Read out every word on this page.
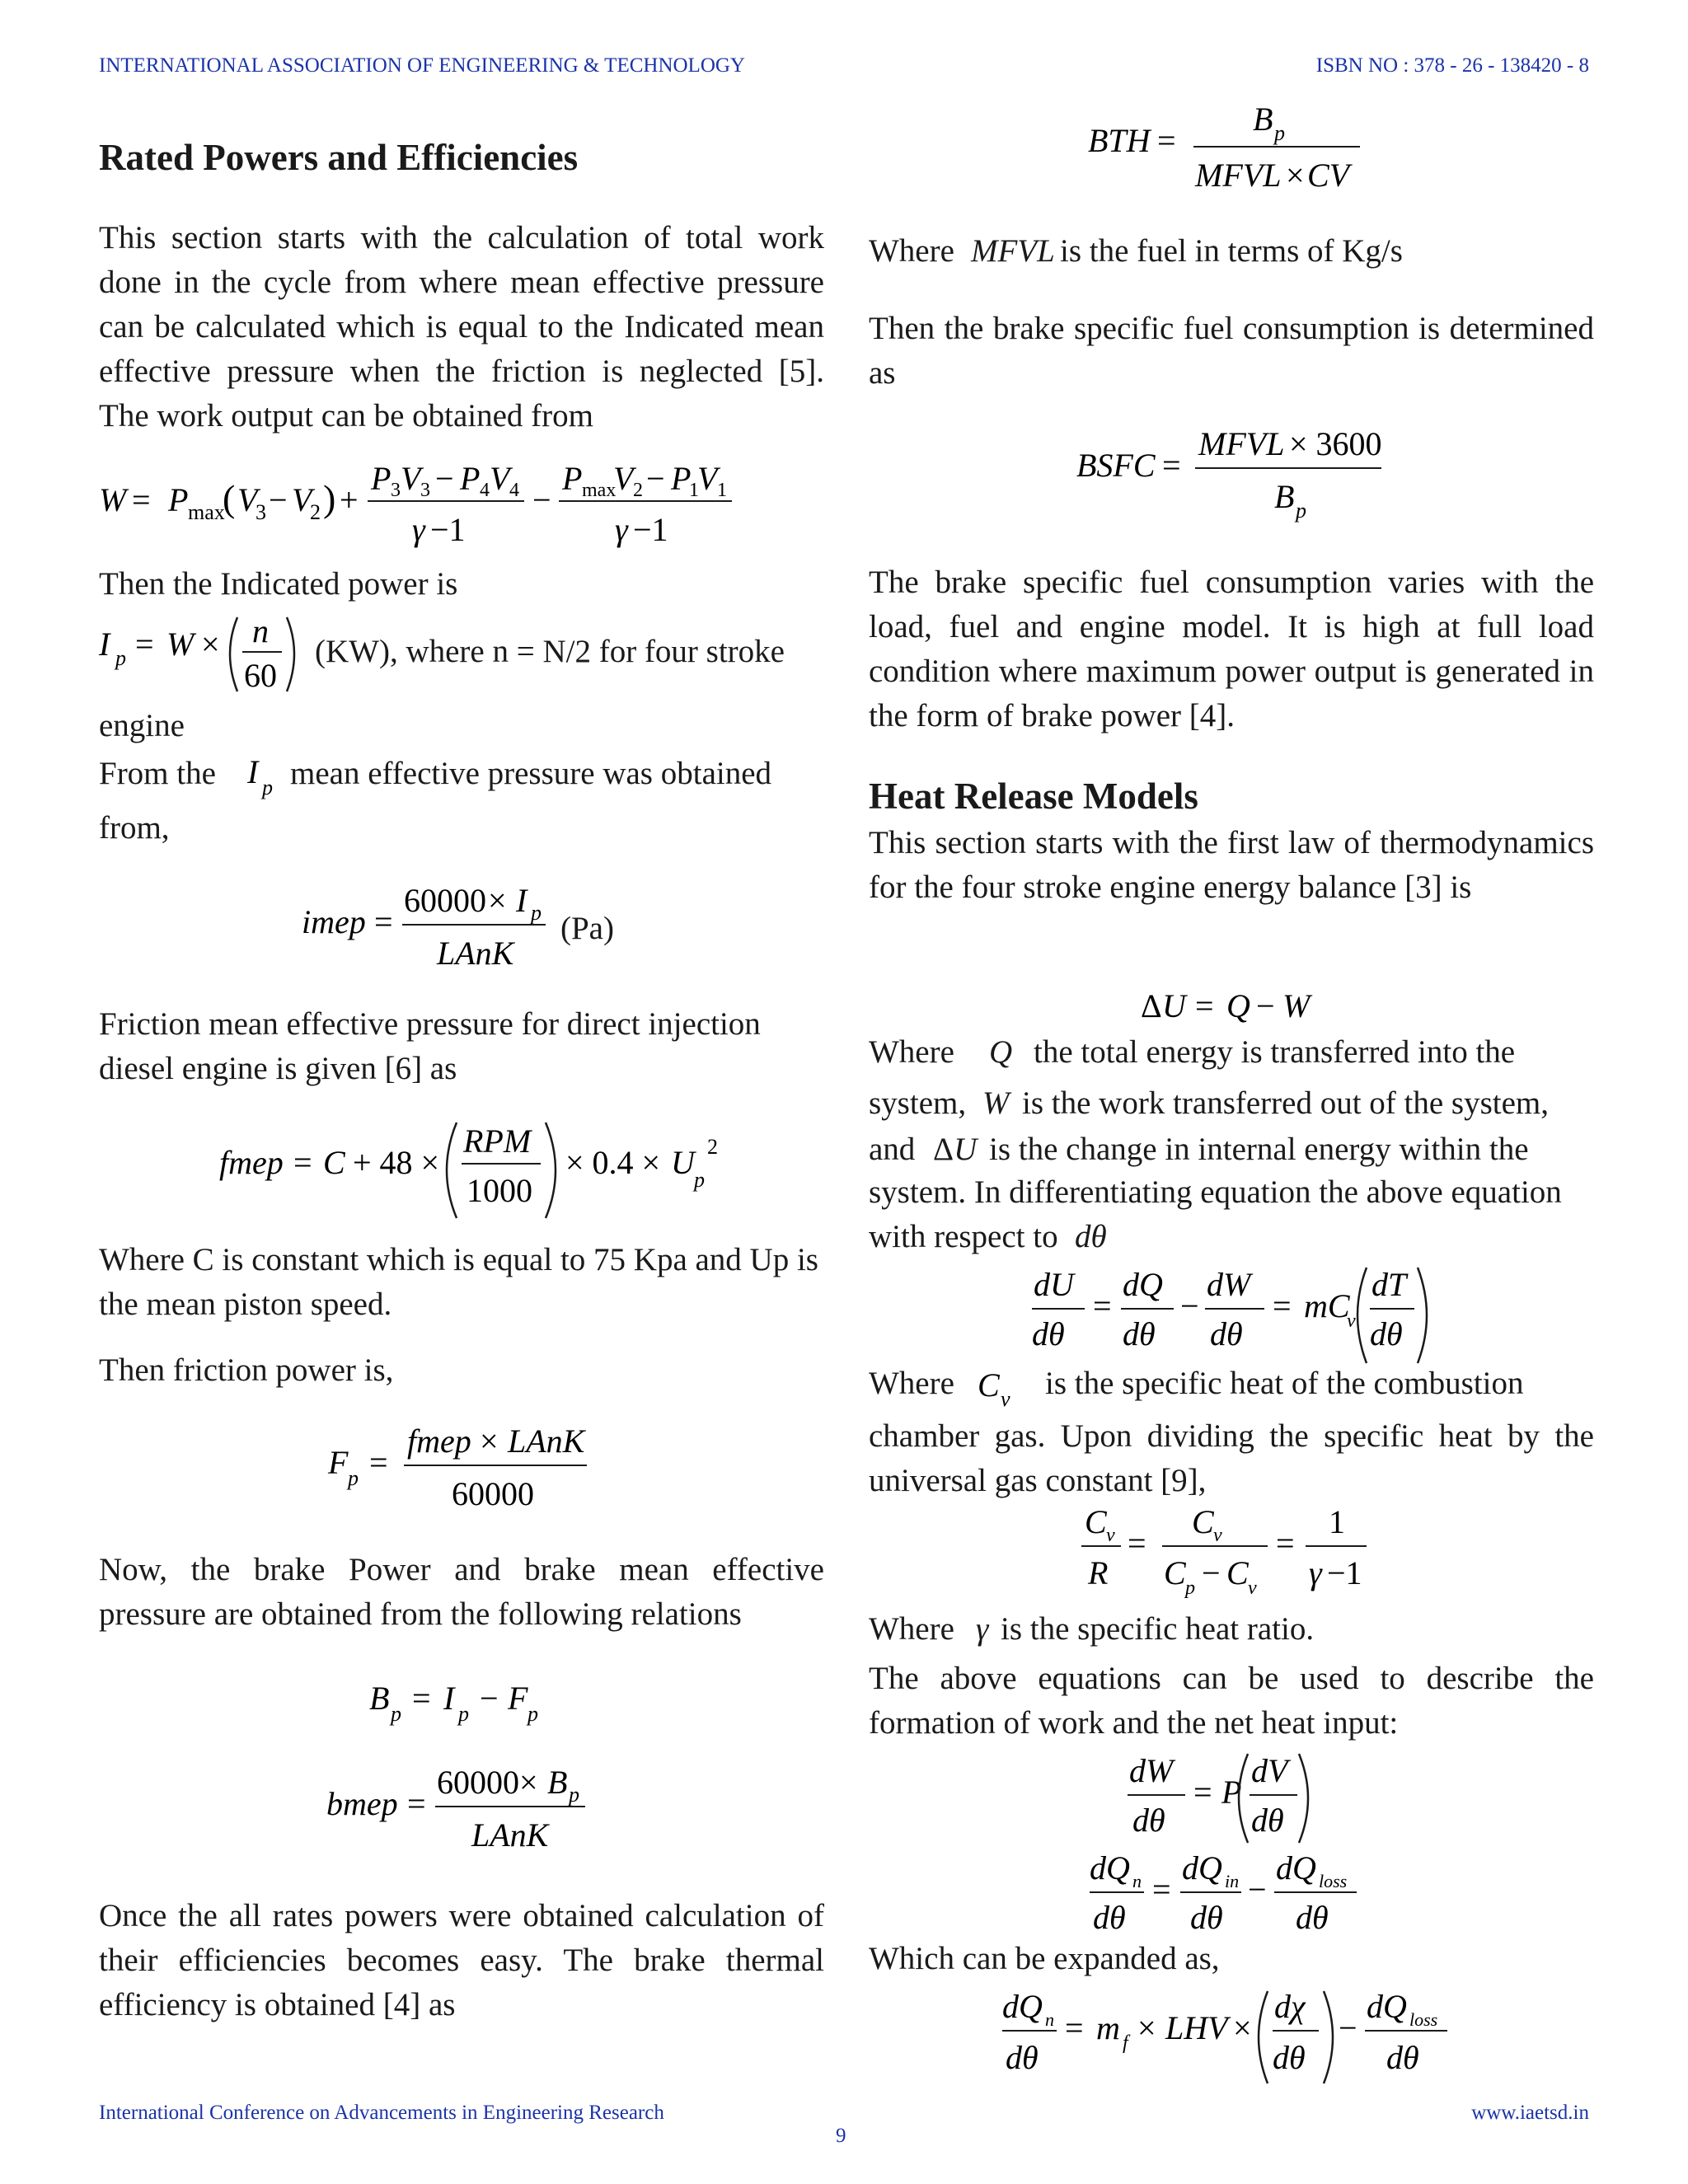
INTERNATIONAL ASSOCIATION OF ENGINEERING & TECHNOLOGY	ISBN NO : 378 - 26 - 138420 - 8
Rated Powers and Efficiencies

This section starts with the calculation of total work done in the cycle from where mean effective pressure can be calculated which is equal to the Indicated mean effective pressure when the friction is neglected [5]. The work output can be obtained from

Then the Indicated power is

(KW), where n = N/2 for four stroke
engine
From the mean effective pressure was obtained
from,
(Pa)

Friction mean effective pressure for direct injection diesel engine is given [6] as

Where C is constant which is equal to 75 Kpa and Up is the mean piston speed.

Then friction power is,

Now, the brake Power and brake mean effective pressure are obtained from the following relations

Once the all rates powers were obtained calculation of their efficiencies becomes easy. The brake thermal efficiency is obtained [4] as

W = P max
( V
3 − V
2 ) +
P 3 V 3 − P 4 V 4
γ −1
−
P max
V 2 − P
1
V 1
γ −1
I p = W × n
60
I p
imep =
60000 × I p
LAnK
fmep = C + 48 ×
RPM
1000
× 0.4 × U p
2
F p =
fmep × LAnK
60000
B p = I p − F p
bmep =
60000 × B p
LAnK
BTH =
B p
MFVL × CV
Where MFVL is the fuel in terms of Kg/s

Then the brake specific fuel consumption is determined as

The brake specific fuel consumption varies with the load, fuel and engine model. It is high at full load condition where maximum power output is generated in the form of brake power [4].

This section starts with the first law of thermodynamics for the four stroke engine energy balance [3] is

Where Q the total energy is transferred into the
system, W is the work transferred out of the system,
and ΔU is the change in internal energy within the
system. In differentiating equation the above equation
with respect to dθ
Where	is the specific heat of the combustion

chamber gas. Upon dividing the specific heat by the universal gas constant [9],

Where γ is the specific heat ratio.

The above equations can be used to describe the formation of work and the net heat input:

Which can be expanded as,

C v
BSFC =
MFVL × 3600
B p
Heat Release Models
Δ U = Q − W
dU
dθ
=
dQ
dθ
−
dW
dθ
= mC
v
dT
dθ
C v
R
=
C v
C p − C v
=
1
γ −1
dW
dθ
= P
dV
dθ
dQ n
dθ
=
dQ in
dθ
−
dQ loss
dθ
dQ n
dθ
= m f × LHV ×
dχ
dθ
−
dQ loss
dθ
International Conference on Advancements in Engineering Research
9
www.iaetsd.in
